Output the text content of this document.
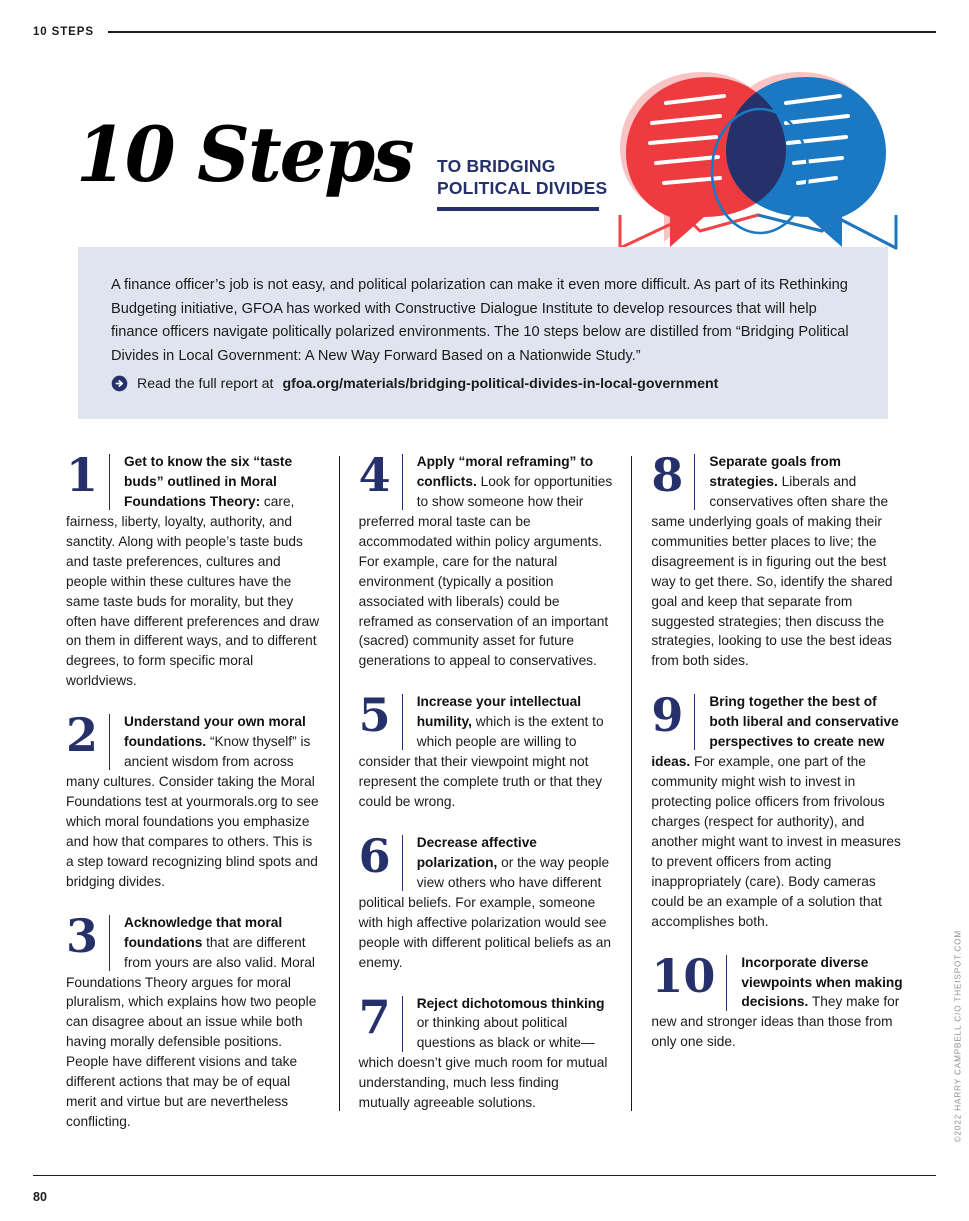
10 STEPS
10 Steps TO BRIDGING
POLITICAL DIVIDES

A finance officer’s job is not easy, and political polarization can make it even more difficult. As part of its Rethinking Budgeting initiative, GFOA has worked with Constructive Dialogue Institute to develop resources that will help finance officers navigate politically polarized environments. The 10 steps below are distilled from “Bridging Political Divides in Local Government: A New Way Forward Based on a Nationwide Study.”

Read the full report at gfoa.org/materials/bridging-political-divides-in-local-government
1	Get to know the six “taste buds” outlined in Moral Foundations Theory: care, fairness, liberty, loyalty, authority, and sanctity. Along with people’s taste buds and taste preferences, cultures and people within these cultures have the same taste buds for morality, but they often have different preferences and draw on them in different ways, and to different degrees, to form specific moral worldviews.
2	Understand your own moral foundations. “Know thyself” is ancient wisdom from across many cultures. Consider taking the Moral Foundations test at yourmorals.org to see which moral foundations you emphasize and how that compares to others. This is a step toward recognizing blind spots and bridging divides.
3	Acknowledge that moral foundations that are different from yours are also valid. Moral Foundations Theory argues for moral pluralism, which explains how two people can disagree about an issue while both having morally defensible positions. People have different visions and take different actions that may be of equal merit and virtue but are nevertheless conflicting.
4	Apply “moral reframing” to conflicts. Look for opportunities to show someone how their preferred moral taste can be accommodated within policy arguments. For example, care for the natural environment (typically a position associated with liberals) could be reframed as conservation of an important (sacred) community asset for future generations to appeal to conservatives.
5	Increase your intellectual humility, which is the extent to which people are willing to consider that their viewpoint might not represent the complete truth or that they could be wrong.
6	Decrease affective polarization, or the way people view others who have different political beliefs. For example, someone with high affective polarization would see people with different political beliefs as an enemy.
7	Reject dichotomous thinking or thinking about political questions as black or white—which doesn’t give much room for mutual understanding, much less finding mutually agreeable solutions.
8	Separate goals from strategies. Liberals and conservatives often share the same underlying goals of making their communities better places to live; the disagreement is in figuring out the best way to get there. So, identify the shared goal and keep that separate from suggested strategies; then discuss the strategies, looking to use the best ideas from both sides.
9	Bring together the best of both liberal and conservative perspectives to create new ideas. For example, one part of the community might wish to invest in protecting police officers from frivolous charges (respect for authority), and another might want to invest in measures to prevent officers from acting inappropriately (care). Body cameras could be an example of a solution that accomplishes both.
10	Incorporate diverse viewpoints when making decisions. They make for new and stronger ideas than those from only one side.	©2022 HARRY CAMPBELL C/O THEISPOT.COM
80
